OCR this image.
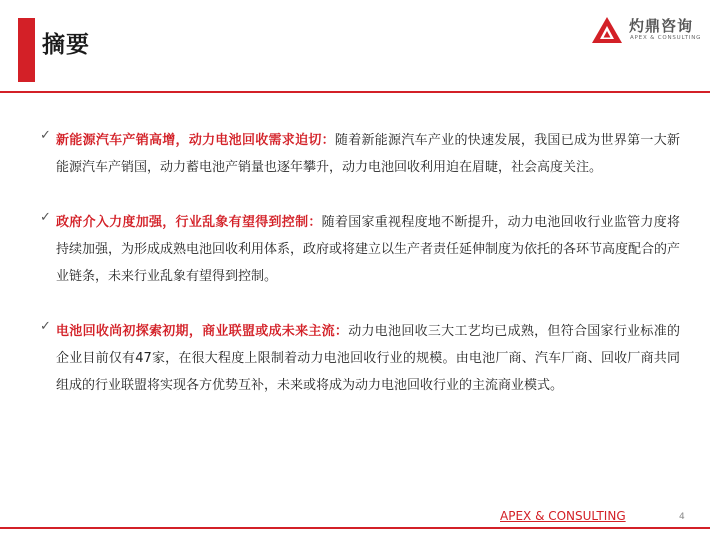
摘要
灼鼎咨询
APEX & CONSULTING
✓ 新能源汽车产销高增，动力电池回收需求迫切：随着新能源汽车产业的快速发展，我国已成为世界第一大新能源汽车产销国，动力蓄电池产销量也逐年攀升，动力电池回收利用迫在眉睫，社会高度关注。
✓ 政府介入力度加强，行业乱象有望得到控制：随着国家重视程度地不断提升，动力电池回收行业监管力度将持续加强，为形成成熟电池回收利用体系，政府或将建立以生产者责任延伸制度为依托的各环节高度配合的产业链条，未来行业乱象有望得到控制。
✓ 电池回收尚初探索初期，商业联盟或成未来主流：动力电池回收三大工艺均已成熟，但符合国家行业标准的企业目前仅有47家，在很大程度上限制着动力电池回收行业的规模。由电池厂商、汽车厂商、回收厂商共同组成的行业联盟将实现各方优势互补，未来或将成为动力电池回收行业的主流商业模式。
APEX & CONSULTING	4
